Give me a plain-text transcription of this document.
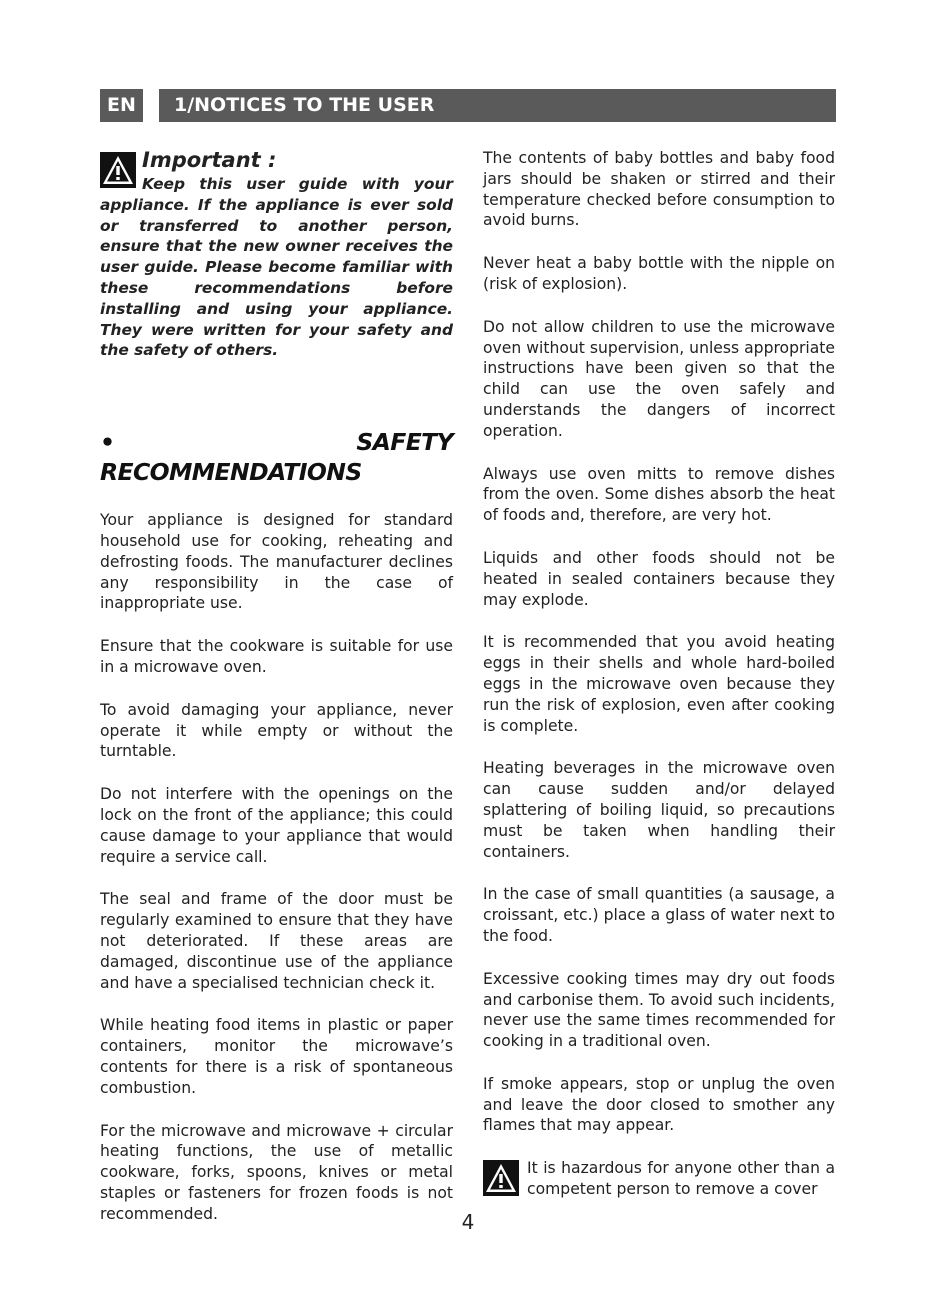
EN	1/NOTICES TO THE USER
Important :
Keep this user guide with your appliance. If the appliance is ever sold or transferred to another person, ensure that the new owner receives the user guide. Please become familiar with these recommendations before installing and using your appliance. They were written for your safety and the safety of others.
• SAFETY RECOMMENDATIONS

Your appliance is designed for standard household use for cooking, reheating and defrosting foods. The manufacturer declines any responsibility in the case of inappropriate use.

Ensure that the cookware is suitable for use in a microwave oven.

To avoid damaging your appliance, never operate it while empty or without the turntable.

Do not interfere with the openings on the lock on the front of the appliance; this could cause damage to your appliance that would require a service call.

The seal and frame of the door must be regularly examined to ensure that they have not deteriorated. If these areas are damaged, discontinue use of the appliance and have a specialised technician check it.

While heating food items in plastic or paper containers, monitor the microwave’s contents for there is a risk of spontaneous combustion.

For the microwave and microwave + circular heating functions, the use of metallic cookware, forks, spoons, knives or metal staples or fasteners for frozen foods is not recommended.

The contents of baby bottles and baby food jars should be shaken or stirred and their temperature checked before consumption to avoid burns.

Never heat a baby bottle with the nipple on (risk of explosion).

Do not allow children to use the microwave oven without supervision, unless appropriate instructions have been given so that the child can use the oven safely and understands the dangers of incorrect operation.

Always use oven mitts to remove dishes from the oven. Some dishes absorb the heat of foods and, therefore, are very hot.

Liquids and other foods should not be heated in sealed containers because they may explode.

It is recommended that you avoid heating eggs in their shells and whole hard-boiled eggs in the microwave oven because they run the risk of explosion, even after cooking is complete.

Heating beverages in the microwave oven can cause sudden and/or delayed splattering of boiling liquid, so precautions must be taken when handling their containers.

In the case of small quantities (a sausage, a croissant, etc.) place a glass of water next to the food.

Excessive cooking times may dry out foods and carbonise them. To avoid such incidents, never use the same times recommended for cooking in a traditional oven.

If smoke appears, stop or unplug the oven and leave the door closed to smother any flames that may appear.

It is hazardous for anyone other than a competent person to remove a cover
4
